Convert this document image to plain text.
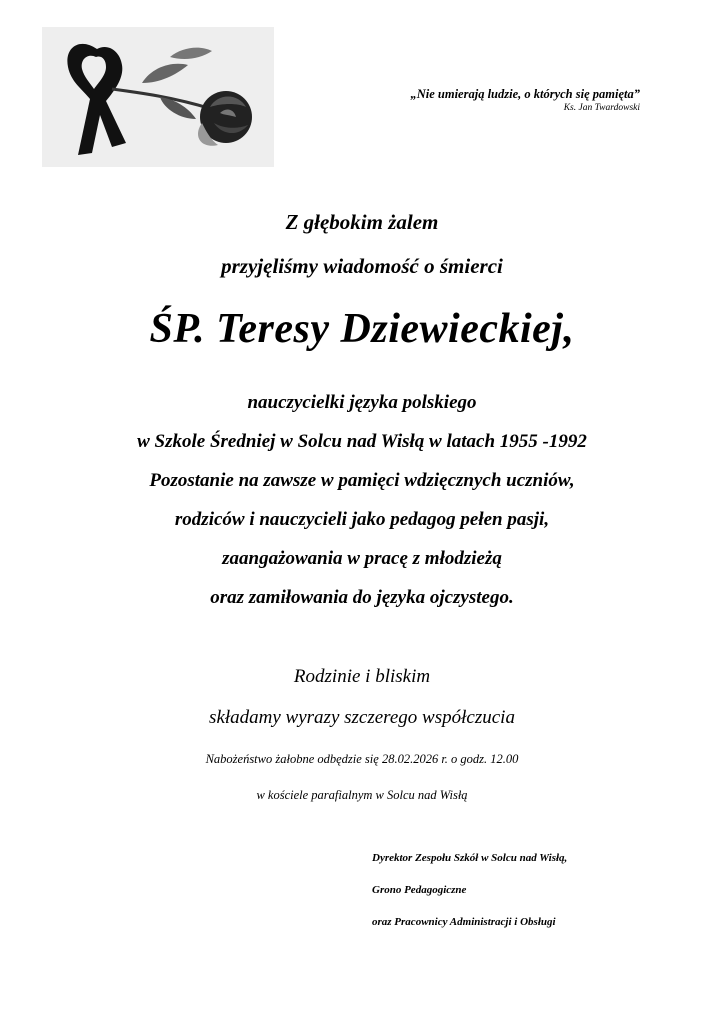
„Nie umierają ludzie, o których się pamięta”
Ks. Jan Twardowski
Z głębokim żalem
przyjęliśmy wiadomość o śmierci
ŚP. Teresy Dziewieckiej,
nauczycielki języka polskiego
w Szkole Średniej w Solcu nad Wisłą w latach 1955 -1992
Pozostanie na zawsze w pamięci wdzięcznych uczniów,
rodziców i nauczycieli jako pedagog pełen pasji,
zaangażowania w pracę z młodzieżą
oraz zamiłowania do języka ojczystego.
Rodzinie i bliskim
składamy wyrazy szczerego współczucia
Nabożeństwo żałobne odbędzie się 28.02.2026 r. o godz. 12.00
w kościele parafialnym w Solcu nad Wisłą
Dyrektor Zespołu Szkół w Solcu nad Wisłą,
Grono Pedagogiczne
oraz Pracownicy Administracji i Obsługi
